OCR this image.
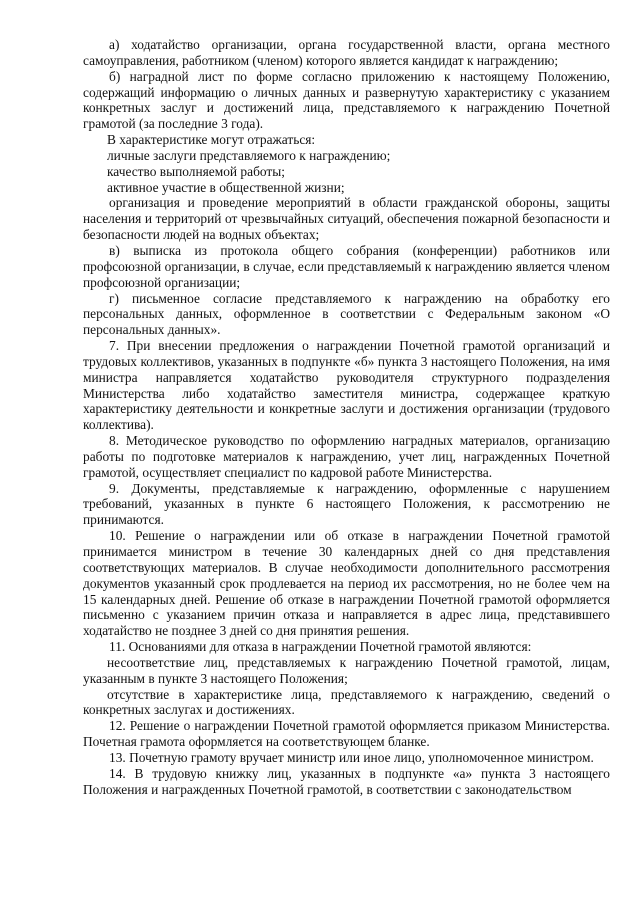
а) ходатайство организации, органа государственной власти, органа местного самоуправления, работником (членом) которого является кандидат к награждению;

б) наградной лист по форме согласно приложению к настоящему Положению, содержащий информацию о личных данных и развернутую характеристику с указанием конкретных заслуг и достижений лица, представляемого к награждению Почетной грамотой (за последние 3 года).

В характеристике могут отражаться:

личные заслуги представляемого к награждению;

качество выполняемой работы;

активное участие в общественной жизни;

организация и проведение мероприятий в области гражданской обороны, защиты населения и территорий от чрезвычайных ситуаций, обеспечения пожарной безопасности и безопасности людей на водных объектах;

в) выписка из протокола общего собрания (конференции) работников или профсоюзной организации, в случае, если представляемый к награждению является членом профсоюзной организации;

г) письменное согласие представляемого к награждению на обработку его персональных данных, оформленное в соответствии с Федеральным законом «О персональных данных».

7. При внесении предложения о награждении Почетной грамотой организаций и трудовых коллективов, указанных в подпункте «б» пункта 3 настоящего Положения, на имя министра направляется ходатайство руководителя структурного подразделения Министерства либо ходатайство заместителя министра, содержащее краткую характеристику деятельности и конкретные заслуги и достижения организации (трудового коллектива).

8. Методическое руководство по оформлению наградных материалов, организацию работы по подготовке материалов к награждению, учет лиц, награжденных Почетной грамотой, осуществляет специалист по кадровой работе Министерства.

9. Документы, представляемые к награждению, оформленные с нарушением требований, указанных в пункте 6 настоящего Положения, к рассмотрению не принимаются.

10. Решение о награждении или об отказе в награждении Почетной грамотой принимается министром в течение 30 календарных дней со дня представления соответствующих материалов. В случае необходимости дополнительного рассмотрения документов указанный срок продлевается на период их рассмотрения, но не более чем на 15 календарных дней. Решение об отказе в награждении Почетной грамотой оформляется письменно с указанием причин отказа и направляется в адрес лица, представившего ходатайство не позднее 3 дней со дня принятия решения.

11. Основаниями для отказа в награждении Почетной грамотой являются:

несоответствие лиц, представляемых к награждению Почетной грамотой, лицам, указанным в пункте 3 настоящего Положения;

отсутствие в характеристике лица, представляемого к награждению, сведений о конкретных заслугах и достижениях.

12. Решение о награждении Почетной грамотой оформляется приказом Министерства. Почетная грамота оформляется на соответствующем бланке.

13. Почетную грамоту вручает министр или иное лицо, уполномоченное министром.

14. В трудовую книжку лиц, указанных в подпункте «а» пункта 3 настоящего Положения и награжденных Почетной грамотой, в соответствии с законодательством
